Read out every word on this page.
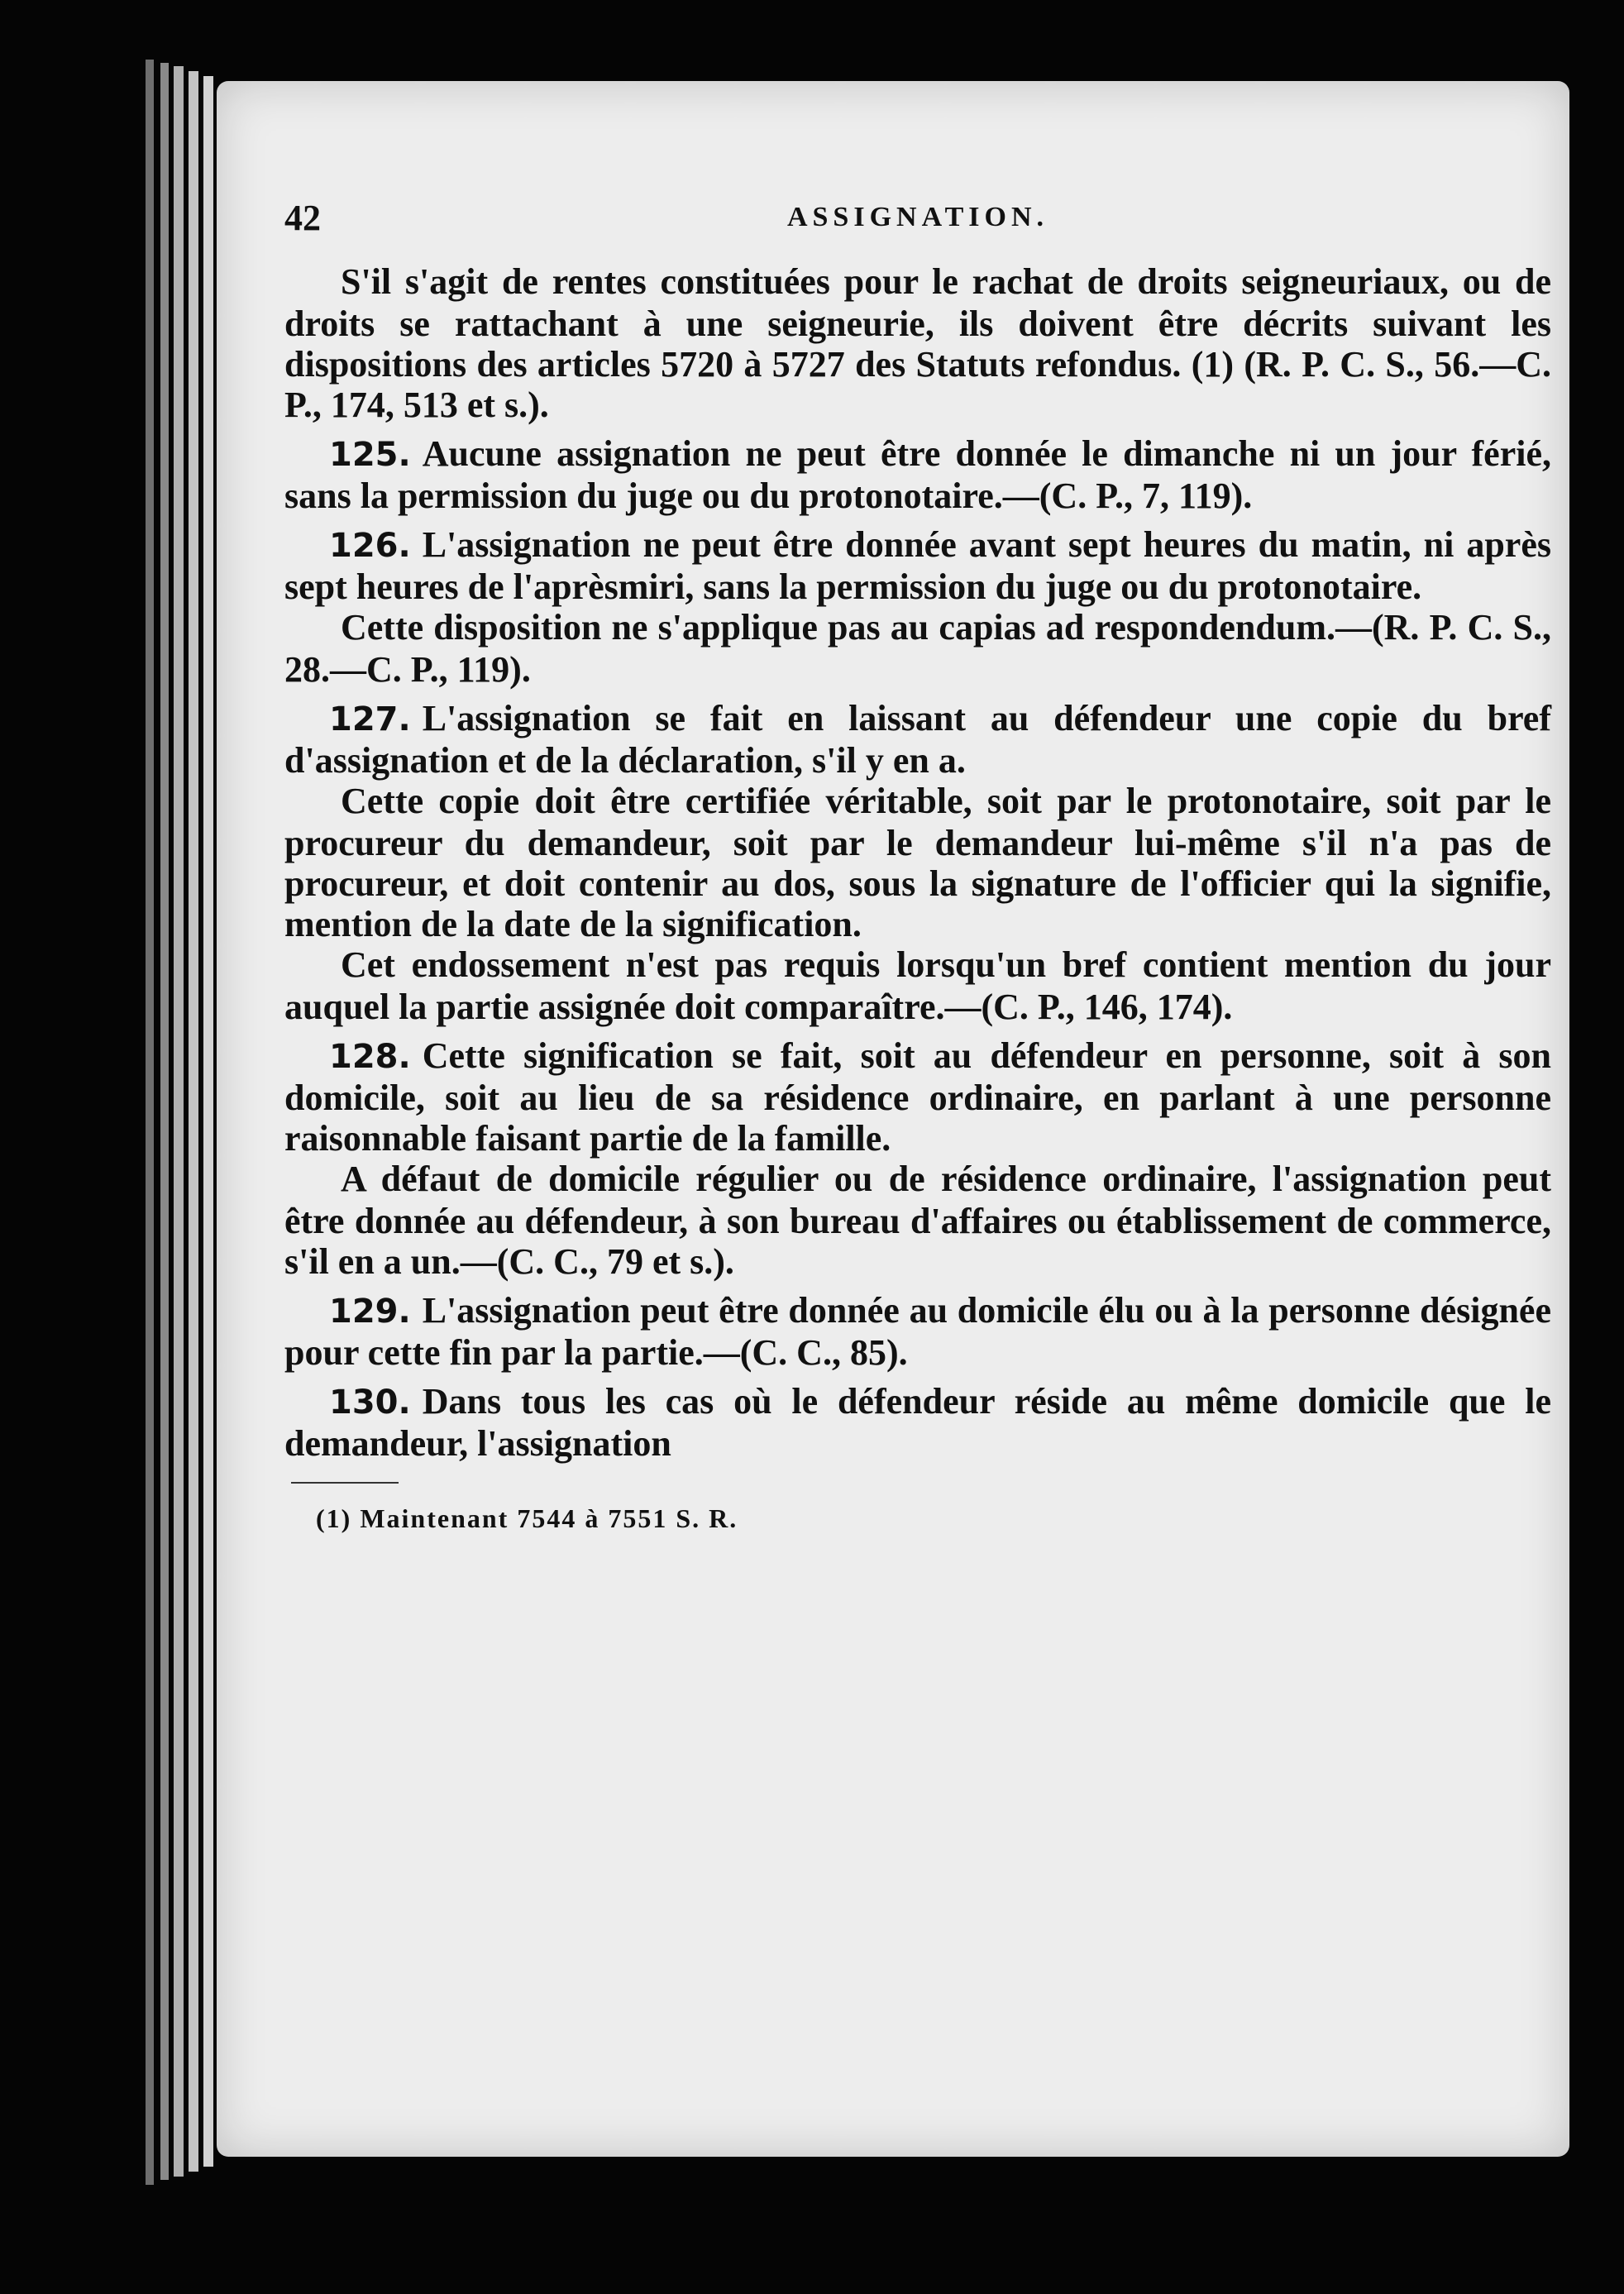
42	ASSIGNATION.

S'il s'agit de rentes constituées pour le rachat de droits seigneuriaux, ou de droits se rattachant à une seigneurie, ils doivent être décrits suivant les dispositions des articles 5720 à 5727 des Statuts refondus. (1) (R. P. C. S., 56.—C. P., 174, 513 et s.).

125. Aucune assignation ne peut être donnée le dimanche ni un jour férié, sans la permission du juge ou du protonotaire.—(C. P., 7, 119).

126. L'assignation ne peut être donnée avant sept heures du matin, ni après sept heures de l'aprèsmiri, sans la permission du juge ou du protonotaire.

Cette disposition ne s'applique pas au capias ad respondendum.—(R. P. C. S., 28.—C. P., 119).

127. L'assignation se fait en laissant au défendeur une copie du bref d'assignation et de la déclaration, s'il y en a.

Cette copie doit être certifiée véritable, soit par le protonotaire, soit par le procureur du demandeur, soit par le demandeur lui-même s'il n'a pas de procureur, et doit contenir au dos, sous la signature de l'officier qui la signifie, mention de la date de la signification.

Cet endossement n'est pas requis lorsqu'un bref contient mention du jour auquel la partie assignée doit comparaître.—(C. P., 146, 174).

128. Cette signification se fait, soit au défendeur en personne, soit à son domicile, soit au lieu de sa résidence ordinaire, en parlant à une personne raisonnable faisant partie de la famille.

A défaut de domicile régulier ou de résidence ordinaire, l'assignation peut être donnée au défendeur, à son bureau d'affaires ou établissement de commerce, s'il en a un.—(C. C., 79 et s.).

129. L'assignation peut être donnée au domicile élu ou à la personne désignée pour cette fin par la partie.—(C. C., 85).

130. Dans tous les cas où le défendeur réside au même domicile que le demandeur, l'assignation

(1) Maintenant 7544 à 7551 S. R.
